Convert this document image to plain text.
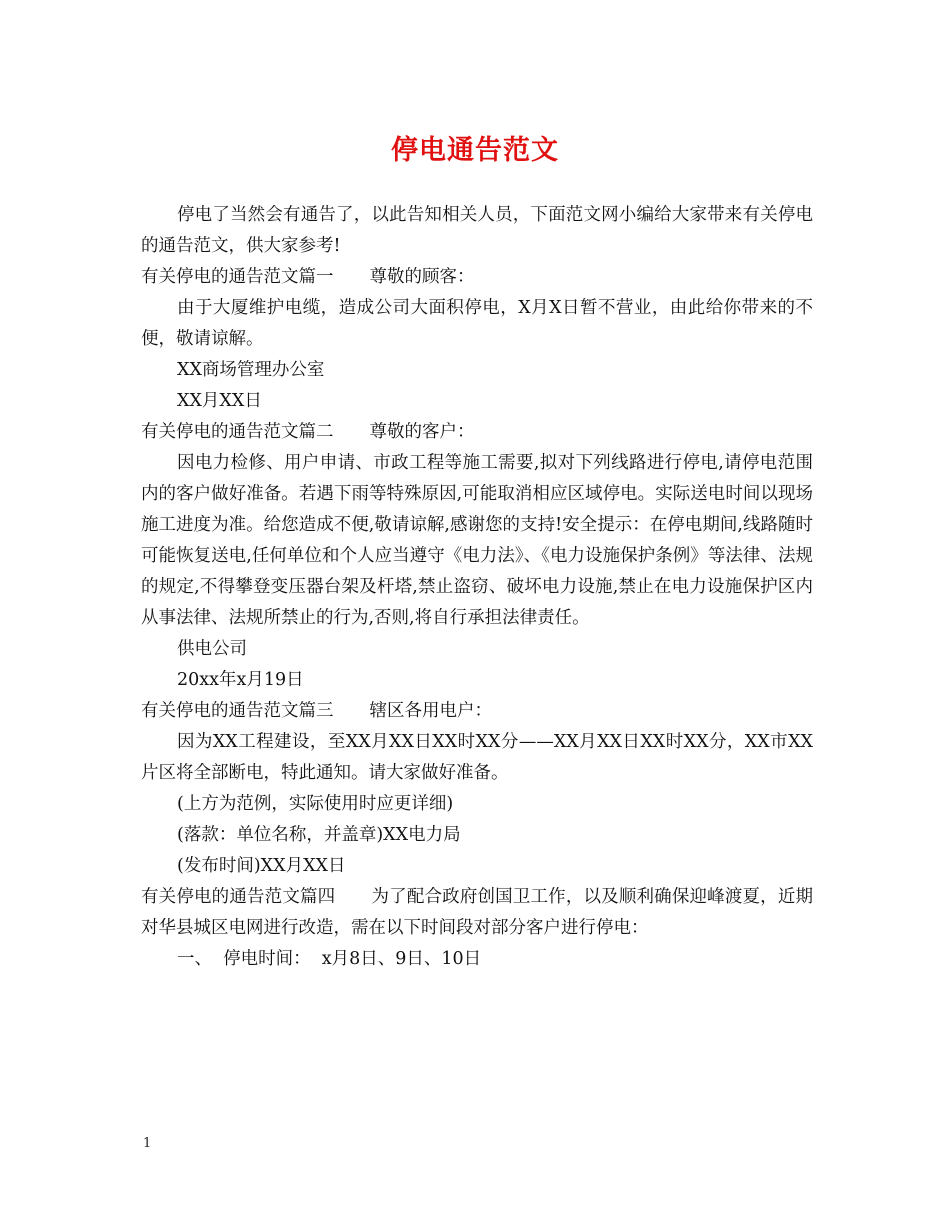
停电通告范文

停电了当然会有通告了，以此告知相关人员，下面范文网小编给大家带来有关停电的通告范文，供大家参考!

有关停电的通告范文篇一 尊敬的顾客：

由于大厦维护电缆，造成公司大面积停电，X月X日暂不营业，由此给你带来的不便，敬请谅解。

XX商场管理办公室

XX月XX日

有关停电的通告范文篇二 尊敬的客户：

因电力检修、用户申请、市政工程等施工需要,拟对下列线路进行停电,请停电范围内的客户做好准备。若遇下雨等特殊原因,可能取消相应区域停电。实际送电时间以现场施工进度为准。给您造成不便,敬请谅解,感谢您的支持!安全提示：在停电期间,线路随时可能恢复送电,任何单位和个人应当遵守《电力法》、《电力设施保护条例》等法律、法规的规定,不得攀登变压器台架及杆塔,禁止盗窃、破坏电力设施,禁止在电力设施保护区内从事法律、法规所禁止的行为,否则,将自行承担法律责任。

供电公司

20xx年x月19日

有关停电的通告范文篇三 辖区各用电户：

因为XX工程建设，至XX月XX日XX时XX分——XX月XX日XX时XX分，XX市XX片区将全部断电，特此通知。请大家做好准备。

(上方为范例，实际使用时应更详细)

(落款：单位名称，并盖章)XX电力局

(发布时间)XX月XX日

有关停电的通告范文篇四 为了配合政府创国卫工作，以及顺利确保迎峰渡夏，近期对华县城区电网进行改造，需在以下时间段对部分客户进行停电：

一、  停电时间：  x月8日、9日、10日

1
